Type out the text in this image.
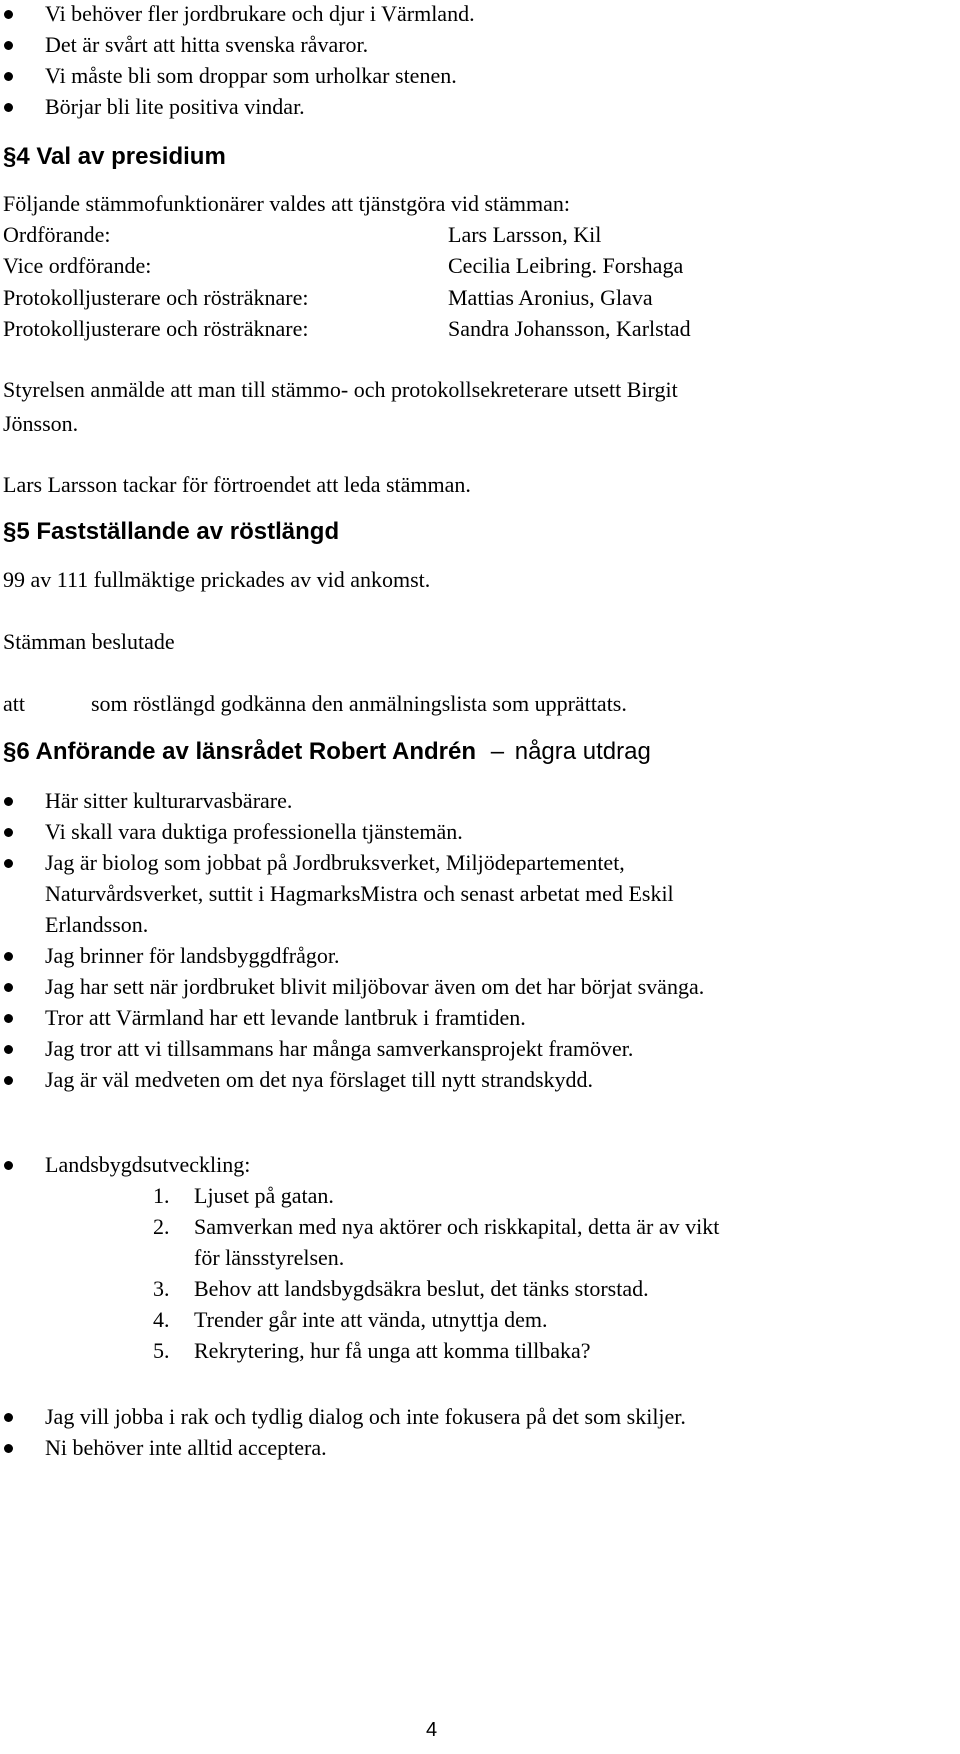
Vi behöver fler jordbrukare och djur i Värmland.
Det är svårt att hitta svenska råvaror.
Vi måste bli som droppar som urholkar stenen.
Börjar bli lite positiva vindar.
§4 Val av presidium
Följande stämmofunktionärer valdes att tjänstgöra vid stämman:
Ordförande:	Lars Larsson, Kil
Vice ordförande:	Cecilia Leibring. Forshaga
Protokolljusterare och rösträknare:	Mattias Aronius, Glava
Protokolljusterare och rösträknare:	Sandra Johansson, Karlstad
Styrelsen anmälde att man till stämmo- och protokollsekreterare utsett Birgit
Jönsson.
Lars Larsson tackar för förtroendet att leda stämman.
§5 Fastställande av röstlängd
99 av 111 fullmäktige prickades av vid ankomst.
Stämman beslutade
att	som röstlängd godkänna den anmälningslista som upprättats.
§6 Anförande av länsrådet Robert Andrén – några utdrag
Här sitter kulturarvasbärare.
Vi skall vara duktiga professionella tjänstemän.
Jag är biolog som jobbat på Jordbruksverket, Miljödepartementet,
Naturvårdsverket, suttit i HagmarksMistra och senast arbetat med Eskil
Erlandsson.
Jag brinner för landsbyggdfrågor.
Jag har sett när jordbruket blivit miljöbovar även om det har börjat svänga.
Tror att Värmland har ett levande lantbruk i framtiden.
Jag tror att vi tillsammans har många samverkansprojekt framöver.
Jag är väl medveten om det nya förslaget till nytt strandskydd.
Landsbygdsutveckling:
1. Ljuset på gatan.
2. Samverkan med nya aktörer och riskkapital, detta är av vikt
för länsstyrelsen.
3. Behov att landsbygdsäkra beslut, det tänks storstad.
4. Trender går inte att vända, utnyttja dem.
5. Rekrytering, hur få unga att komma tillbaka?
Jag vill jobba i rak och tydlig dialog och inte fokusera på det som skiljer.
Ni behöver inte alltid acceptera.
4
